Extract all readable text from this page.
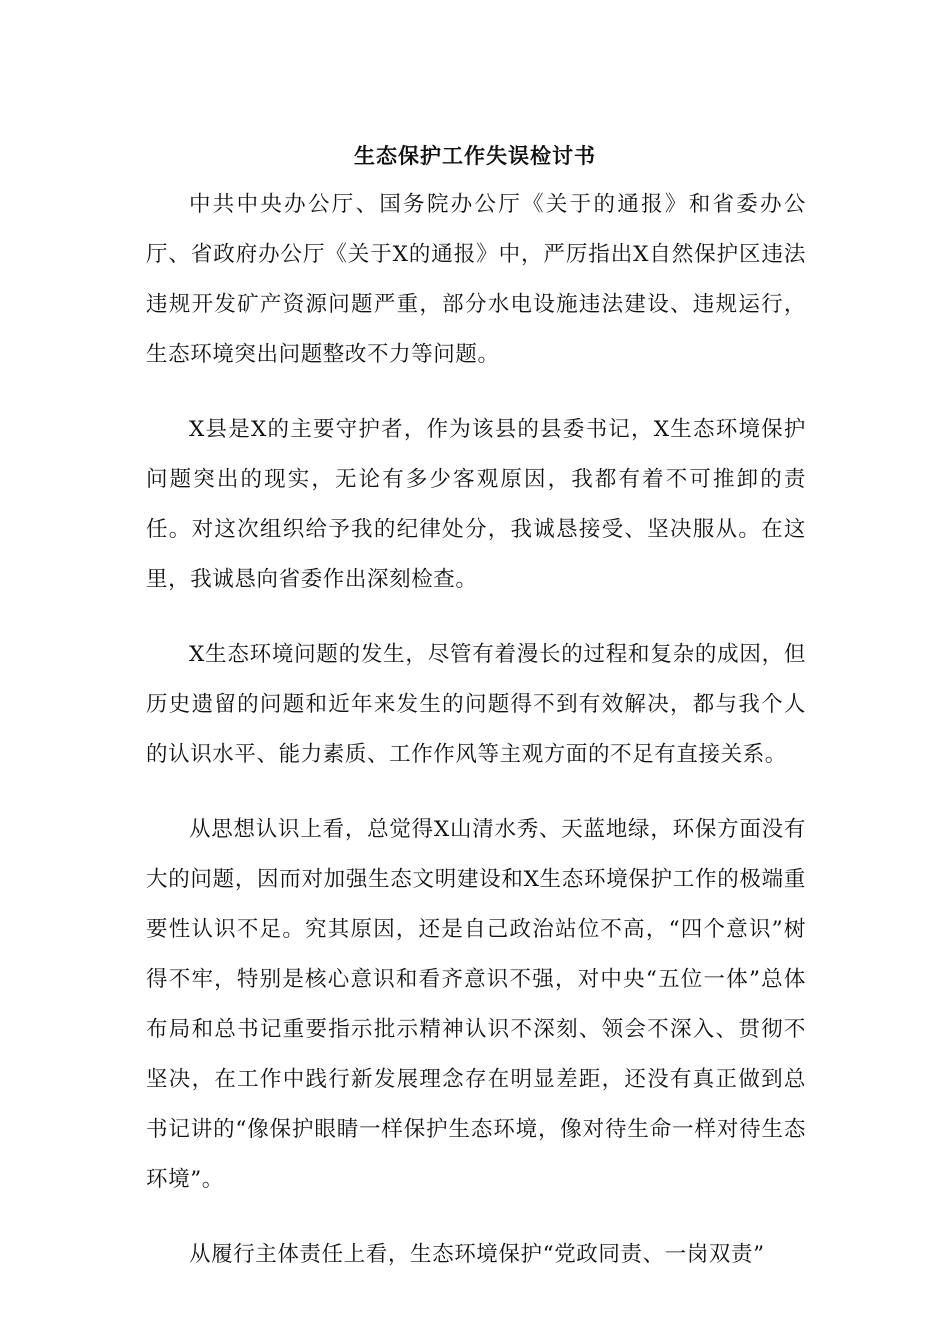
生态保护工作失误检讨书

中共中央办公厅、国务院办公厅《关于的通报》和省委办公厅、省政府办公厅《关于X的通报》中，严厉指出X自然保护区违法违规开发矿产资源问题严重，部分水电设施违法建设、违规运行，生态环境突出问题整改不力等问题。

X县是X的主要守护者，作为该县的县委书记，X生态环境保护问题突出的现实，无论有多少客观原因，我都有着不可推卸的责任。对这次组织给予我的纪律处分，我诚恳接受、坚决服从。在这里，我诚恳向省委作出深刻检查。

X生态环境问题的发生，尽管有着漫长的过程和复杂的成因，但历史遗留的问题和近年来发生的问题得不到有效解决，都与我个人的认识水平、能力素质、工作作风等主观方面的不足有直接关系。

从思想认识上看，总觉得X山清水秀、天蓝地绿，环保方面没有大的问题，因而对加强生态文明建设和X生态环境保护工作的极端重要性认识不足。究其原因，还是自己政治站位不高，“四个意识”树得不牢，特别是核心意识和看齐意识不强，对中央“五位一体”总体布局和总书记重要指示批示精神认识不深刻、领会不深入、贯彻不坚决，在工作中践行新发展理念存在明显差距，还没有真正做到总书记讲的“像保护眼睛一样保护生态环境，像对待生命一样对待生态环境”。

从履行主体责任上看，生态环境保护“党政同责、一岗双责”
